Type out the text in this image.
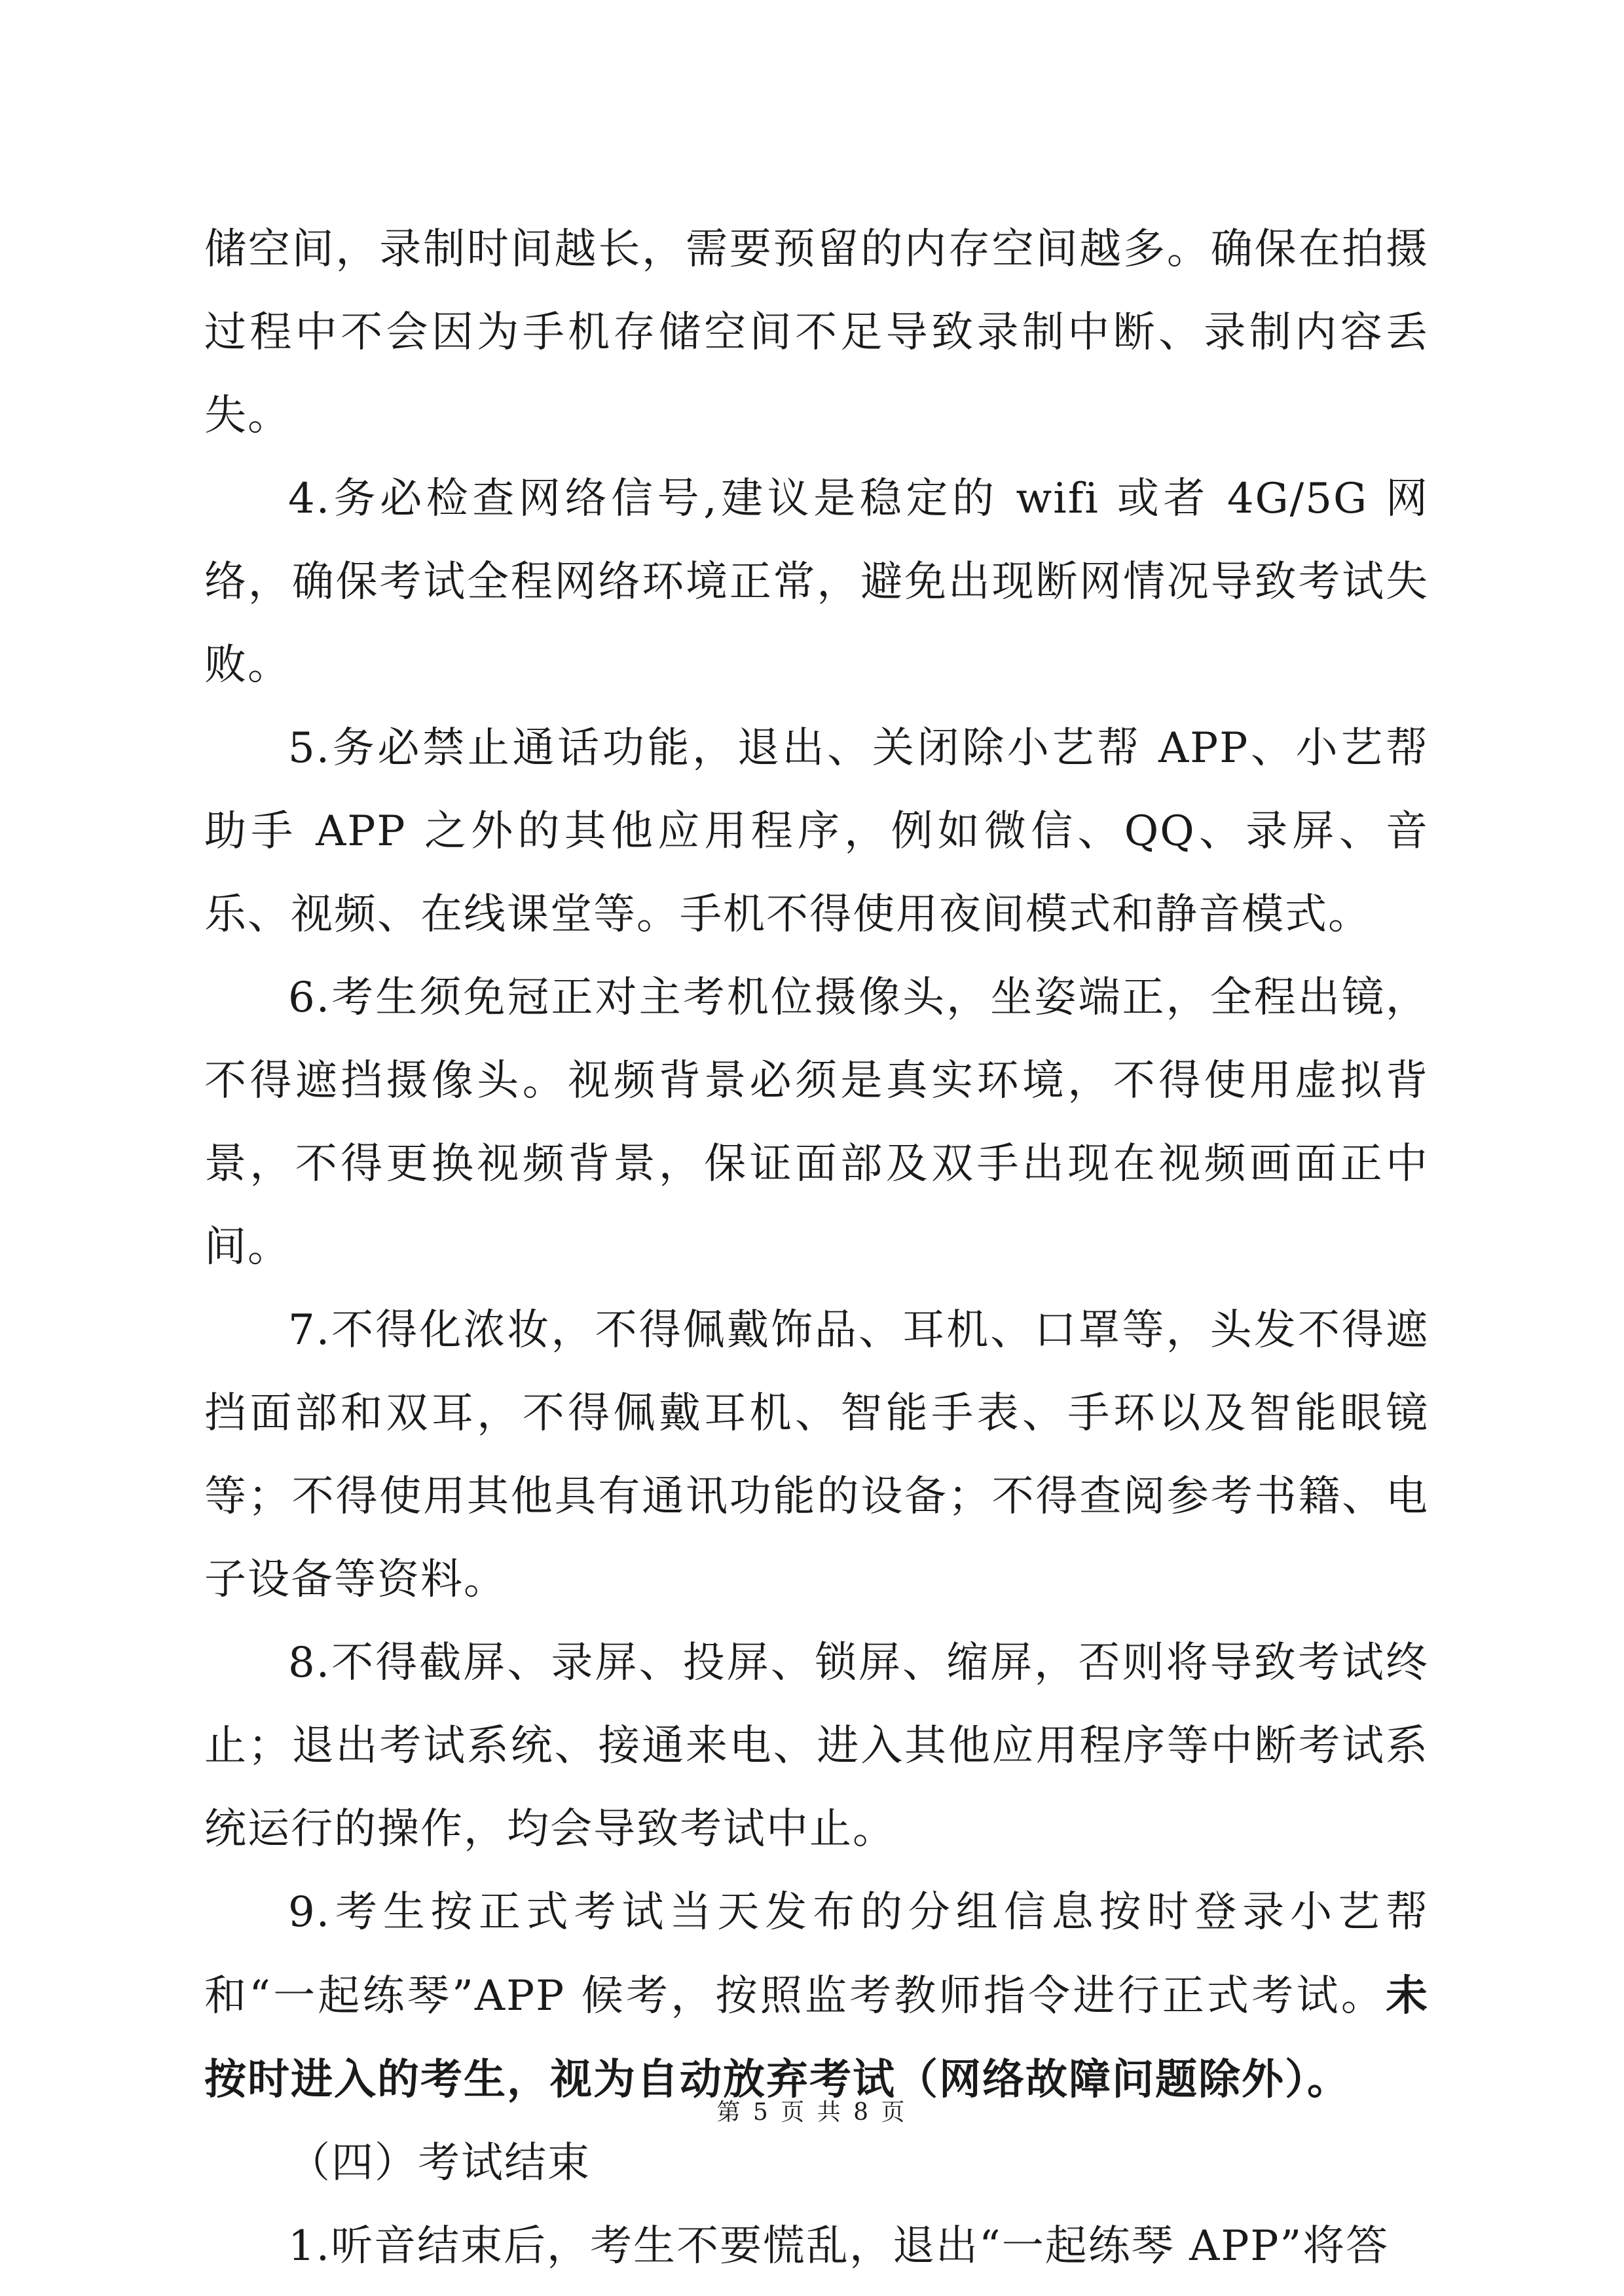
储空间，录制时间越长，需要预留的内存空间越多。确保在拍摄过程中不会因为手机存储空间不足导致录制中断、录制内容丢失。

4.务必检查网络信号,建议是稳定的 wifi 或者 4G/5G 网络，确保考试全程网络环境正常，避免出现断网情况导致考试失败。

5.务必禁止通话功能，退出、关闭除小艺帮 APP、小艺帮助手 APP 之外的其他应用程序，例如微信、QQ、录屏、音乐、视频、在线课堂等。手机不得使用夜间模式和静音模式。

6.考生须免冠正对主考机位摄像头，坐姿端正，全程出镜，不得遮挡摄像头。视频背景必须是真实环境，不得使用虚拟背景，不得更换视频背景，保证面部及双手出现在视频画面正中间。

7.不得化浓妆，不得佩戴饰品、耳机、口罩等，头发不得遮挡面部和双耳，不得佩戴耳机、智能手表、手环以及智能眼镜等；不得使用其他具有通讯功能的设备；不得查阅参考书籍、电子设备等资料。

8.不得截屏、录屏、投屏、锁屏、缩屏，否则将导致考试终止；退出考试系统、接通来电、进入其他应用程序等中断考试系统运行的操作，均会导致考试中止。

9.考生按正式考试当天发布的分组信息按时登录小艺帮和“一起练琴”APP 候考，按照监考教师指令进行正式考试。未按时进入的考生，视为自动放弃考试（网络故障问题除外）。

（四）考试结束

1.听音结束后，考生不要慌乱，退出“一起练琴 APP”将答

第 5 页 共 8 页
